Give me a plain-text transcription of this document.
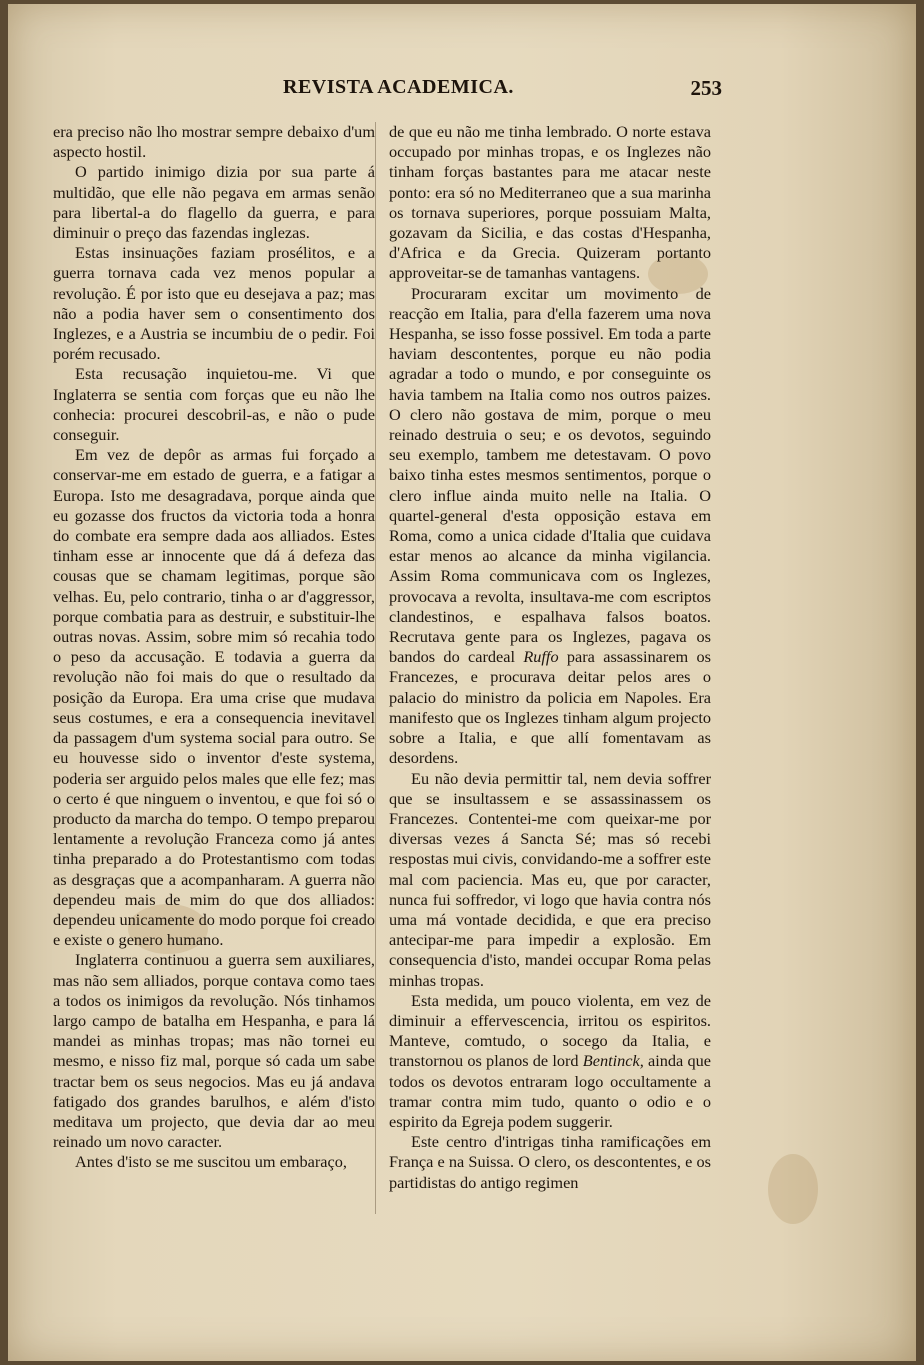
REVISTA ACADEMICA.	253

era preciso não lho mostrar sempre debaixo d'um aspecto hostil.

O partido inimigo dizia por sua parte á multidão, que elle não pegava em armas senão para libertal-a do flagello da guerra, e para diminuir o preço das fazendas inglezas.

Estas insinuações faziam prosélitos, e a guerra tornava cada vez menos popular a revolução. É por isto que eu desejava a paz; mas não a podia haver sem o consentimento dos Inglezes, e a Austria se incumbiu de o pedir. Foi porém recusado.

Esta recusação inquietou-me. Vi que Inglaterra se sentia com forças que eu não lhe conhecia: procurei descobril-as, e não o pude conseguir.

Em vez de depôr as armas fui forçado a conservar-me em estado de guerra, e a fatigar a Europa. Isto me desagradava, porque ainda que eu gozasse dos fructos da victoria toda a honra do combate era sempre dada aos alliados. Estes tinham esse ar innocente que dá á defeza das cousas que se chamam legitimas, porque são velhas. Eu, pelo contrario, tinha o ar d'aggressor, porque combatia para as destruir, e substituir-lhe outras novas. Assim, sobre mim só recahia todo o peso da accusação. E todavia a guerra da revolução não foi mais do que o resultado da posição da Europa. Era uma crise que mudava seus costumes, e era a consequencia inevitavel da passagem d'um systema social para outro. Se eu houvesse sido o inventor d'este systema, poderia ser arguido pelos males que elle fez; mas o certo é que ninguem o inventou, e que foi só o producto da marcha do tempo. O tempo preparou lentamente a revolução Franceza como já antes tinha preparado a do Protestantismo com todas as desgraças que a acompanharam. A guerra não dependeu mais de mim do que dos alliados: dependeu unicamente do modo porque foi creado e existe o genero humano.

Inglaterra continuou a guerra sem auxiliares, mas não sem alliados, porque contava como taes a todos os inimigos da revolução. Nós tinhamos largo campo de batalha em Hespanha, e para lá mandei as minhas tropas; mas não tornei eu mesmo, e nisso fiz mal, porque só cada um sabe tractar bem os seus negocios. Mas eu já andava fatigado dos grandes barulhos, e além d'isto meditava um projecto, que devia dar ao meu reinado um novo caracter.

Antes d'isto se me suscitou um embaraço,

de que eu não me tinha lembrado. O norte estava occupado por minhas tropas, e os Inglezes não tinham forças bastantes para me atacar neste ponto: era só no Mediterraneo que a sua marinha os tornava superiores, porque possuiam Malta, gozavam da Sicilia, e das costas d'Hespanha, d'Africa e da Grecia. Quizeram portanto approveitar-se de tamanhas vantagens.

Procuraram excitar um movimento de reacção em Italia, para d'ella fazerem uma nova Hespanha, se isso fosse possivel. Em toda a parte haviam descontentes, porque eu não podia agradar a todo o mundo, e por conseguinte os havia tambem na Italia como nos outros paizes. O clero não gostava de mim, porque o meu reinado destruia o seu; e os devotos, seguindo seu exemplo, tambem me detestavam. O povo baixo tinha estes mesmos sentimentos, porque o clero influe ainda muito nelle na Italia. O quartel-general d'esta opposição estava em Roma, como a unica cidade d'Italia que cuidava estar menos ao alcance da minha vigilancia. Assim Roma communicava com os Inglezes, provocava a revolta, insultava-me com escriptos clandestinos, e espalhava falsos boatos. Recrutava gente para os Inglezes, pagava os bandos do cardeal Ruffo para assassinarem os Francezes, e procurava deitar pelos ares o palacio do ministro da policia em Napoles. Era manifesto que os Inglezes tinham algum projecto sobre a Italia, e que allí fomentavam as desordens.

Eu não devia permittir tal, nem devia soffrer que se insultassem e se assassinassem os Francezes. Contentei-me com queixar-me por diversas vezes á Sancta Sé; mas só recebi respostas mui civis, convidando-me a soffrer este mal com paciencia. Mas eu, que por caracter, nunca fui soffredor, vi logo que havia contra nós uma má vontade decidida, e que era preciso antecipar-me para impedir a explosão. Em consequencia d'isto, mandei occupar Roma pelas minhas tropas.

Esta medida, um pouco violenta, em vez de diminuir a effervescencia, irritou os espiritos. Manteve, comtudo, o socego da Italia, e transtornou os planos de lord Bentinck, ainda que todos os devotos entraram logo occultamente a tramar contra mim tudo, quanto o odio e o espirito da Egreja podem suggerir.

Este centro d'intrigas tinha ramificações em França e na Suissa. O clero, os descontentes, e os partidistas do antigo regimen
